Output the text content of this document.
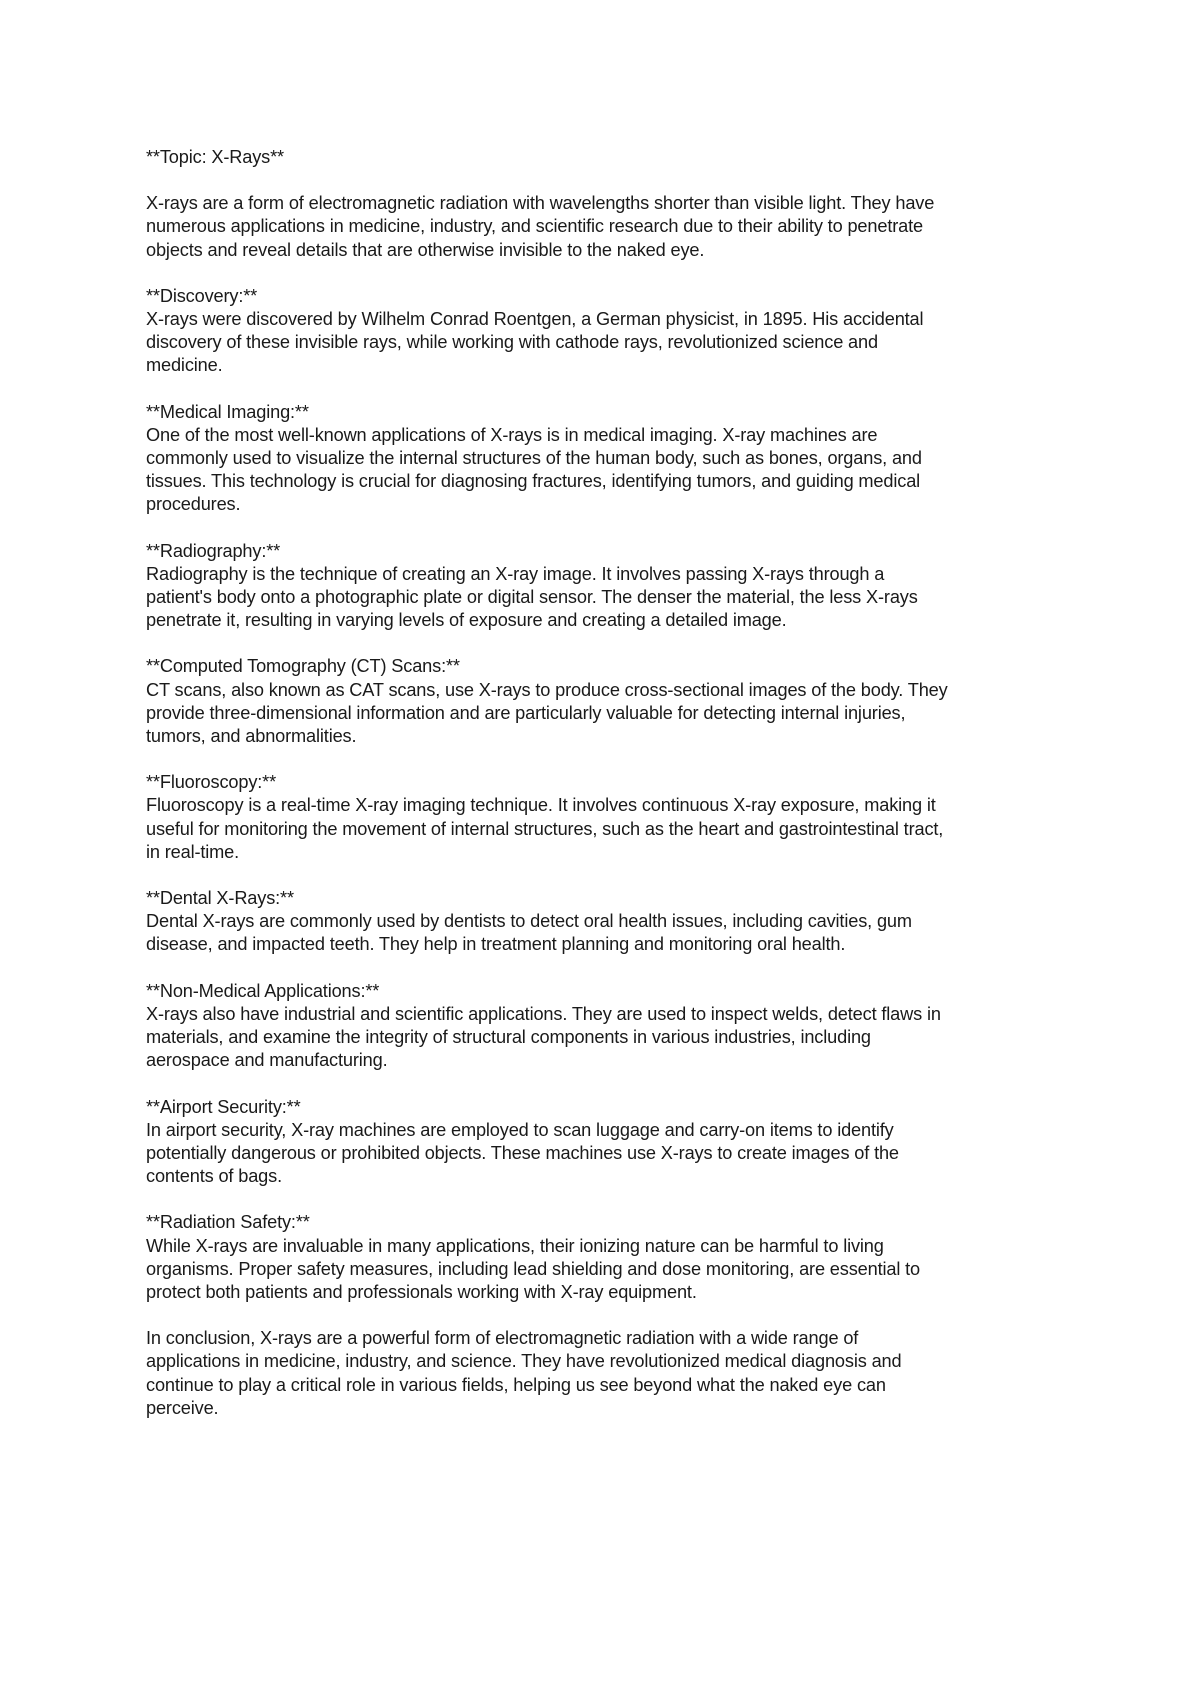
**Topic: X-Rays**
X-rays are a form of electromagnetic radiation with wavelengths shorter than visible light. They have
numerous applications in medicine, industry, and scientific research due to their ability to penetrate
objects and reveal details that are otherwise invisible to the naked eye.
**Discovery:**
X-rays were discovered by Wilhelm Conrad Roentgen, a German physicist, in 1895. His accidental
discovery of these invisible rays, while working with cathode rays, revolutionized science and
medicine.
**Medical Imaging:**
One of the most well-known applications of X-rays is in medical imaging. X-ray machines are
commonly used to visualize the internal structures of the human body, such as bones, organs, and
tissues. This technology is crucial for diagnosing fractures, identifying tumors, and guiding medical
procedures.
**Radiography:**
Radiography is the technique of creating an X-ray image. It involves passing X-rays through a
patient's body onto a photographic plate or digital sensor. The denser the material, the less X-rays
penetrate it, resulting in varying levels of exposure and creating a detailed image.
**Computed Tomography (CT) Scans:**
CT scans, also known as CAT scans, use X-rays to produce cross-sectional images of the body. They
provide three-dimensional information and are particularly valuable for detecting internal injuries,
tumors, and abnormalities.
**Fluoroscopy:**
Fluoroscopy is a real-time X-ray imaging technique. It involves continuous X-ray exposure, making it
useful for monitoring the movement of internal structures, such as the heart and gastrointestinal tract,
in real-time.
**Dental X-Rays:**
Dental X-rays are commonly used by dentists to detect oral health issues, including cavities, gum
disease, and impacted teeth. They help in treatment planning and monitoring oral health.
**Non-Medical Applications:**
X-rays also have industrial and scientific applications. They are used to inspect welds, detect flaws in
materials, and examine the integrity of structural components in various industries, including
aerospace and manufacturing.
**Airport Security:**
In airport security, X-ray machines are employed to scan luggage and carry-on items to identify
potentially dangerous or prohibited objects. These machines use X-rays to create images of the
contents of bags.
**Radiation Safety:**
While X-rays are invaluable in many applications, their ionizing nature can be harmful to living
organisms. Proper safety measures, including lead shielding and dose monitoring, are essential to
protect both patients and professionals working with X-ray equipment.
In conclusion, X-rays are a powerful form of electromagnetic radiation with a wide range of
applications in medicine, industry, and science. They have revolutionized medical diagnosis and
continue to play a critical role in various fields, helping us see beyond what the naked eye can
perceive.
